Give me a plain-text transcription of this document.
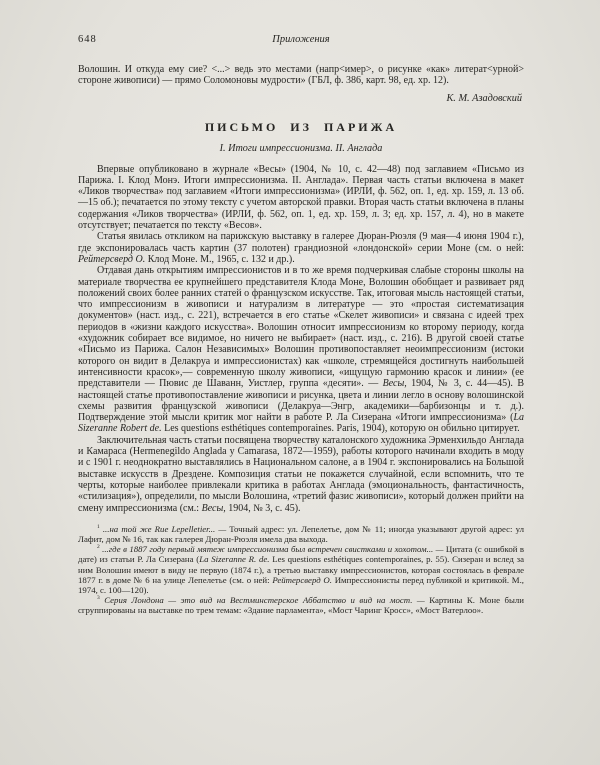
648	Приложения

Волошин. И откуда ему сие? <...> ведь это местами (напр<имер>, о рисунке «как» литерат<урной> стороне живописи) — прямо Соломоновы мудрости» (ГБЛ, ф. 386, карт. 98, ед. хр. 12).

К. М. Азадовский

ПИСЬМО ИЗ ПАРИЖА

I. Итоги импрессионизма. II. Англада

Впервые опубликовано в журнале «Весы» (1904, № 10, с. 42—48) под заглавием «Письмо из Парижа. I. Клод Монэ. Итоги импрессионизма. II. Англада». Первая часть статьи включена в макет «Ликов творчества» под заглавием «Итоги импрессионизма» (ИРЛИ, ф. 562, оп. 1, ед. хр. 159, л. 13 об.—15 об.); печатается по этому тексту с учетом авторской правки. Вторая часть статьи включена в планы содержания «Ликов творчества» (ИРЛИ, ф. 562, оп. 1, ед. хр. 159, л. 3; ед. хр. 157, л. 4), но в макете отсутствует; печатается по тексту «Весов».

Статья явилась откликом на парижскую выставку в галерее Дюран-Рюэля (9 мая—4 июня 1904 г.), где экспонировалась часть картин (37 полотен) грандиозной «лондонской» серии Моне (см. о ней: Рейтерсверд О. Клод Моне. М., 1965, с. 132 и др.).

Отдавая дань открытиям импрессионистов и в то же время подчеркивая слабые стороны школы на материале творчества ее крупнейшего представителя Клода Моне, Волошин обобщает и развивает ряд положений своих более ранних статей о французском искусстве. Так, итоговая мысль настоящей статьи, что импрессионизм в живописи и натурализм в литературе — это «простая систематизация документов» (наст. изд., с. 221), встречается в его статье «Скелет живописи» и связана с идеей трех периодов в «жизни каждого искусства». Волошин относит импрессионизм ко второму периоду, когда «художник собирает все видимое, но ничего не выбирает» (наст. изд., с. 216). В другой своей статье «Письмо из Парижа. Салон Независимых» Волошин противопоставляет неоимпрессионизм (истоки которого он видит в Делакруа и импрессионистах) как «школе, стремящейся достигнуть наибольшей интенсивности красок»,— современную школу живописи, «ищущую гармонию красок и линии» (ее представители — Пювис де Шаванн, Уистлер, группа «десяти». — Весы, 1904, № 3, с. 44—45). В настоящей статье противопоставление живописи и рисунка, цвета и линии легло в основу волошинской схемы развития французской живописи (Делакруа—Энгр, академики—барбизонцы и т. д.). Подтверждение этой мысли критик мог найти в работе Р. Ла Сизерана «Итоги импрессионизма» (La Sizeranne Robert de. Les questions esthétiques contemporaines. Paris, 1904), которую он обильно цитирует.

Заключительная часть статьи посвящена творчеству каталонского художника Эрменхильдо Англада и Камараса (Hermenegildo Anglada y Camarasa, 1872—1959), работы которого начинали входить в моду и с 1901 г. неоднократно выставлялись в Национальном салоне, а в 1904 г. экспонировались на Большой выставке искусств в Дрездене. Композиция статьи не покажется случайной, если вспомнить, что те черты, которые наиболее привлекали критика в работах Англада (эмоциональность, фантастичность, «стилизация»), определили, по мысли Волошина, «третий фазис живописи», который должен прийти на смену импрессионизма (см.: Весы, 1904, № 3, с. 45).

$^1$ ...на той же Rue Lepelletier... — Точный адрес: ул. Лепелетье, дом № 11; иногда указывают другой адрес: ул Лафит, дом № 16, так как галерея Дюран-Рюэля имела два выхода.

$^2$ ...где в 1887 году первый мятеж импрессионизма был встречен свистками и хохотом... — Цитата (с ошибкой в дате) из статьи Р. Ла Сизерана (La Sizeranne R. de. Les questions esthétiques contemporaines, p. 55). Сизеран и вслед за ним Волошин имеют в виду не первую (1874 г.), а третью выставку импрессионистов, которая состоялась в феврале 1877 г. в доме № 6 на улице Лепелетье (см. о ней: Рейтерсверд О. Импрессионисты перед публикой и критикой. М., 1974, с. 100—120).

$^3$ Серия Лондона — это вид на Вестминстерское Аббатство и вид на мост. — Картины К. Моне были сгруппированы на выставке по трем темам: «Здание парламента», «Мост Чаринг Кросс», «Мост Ватерлоо».
